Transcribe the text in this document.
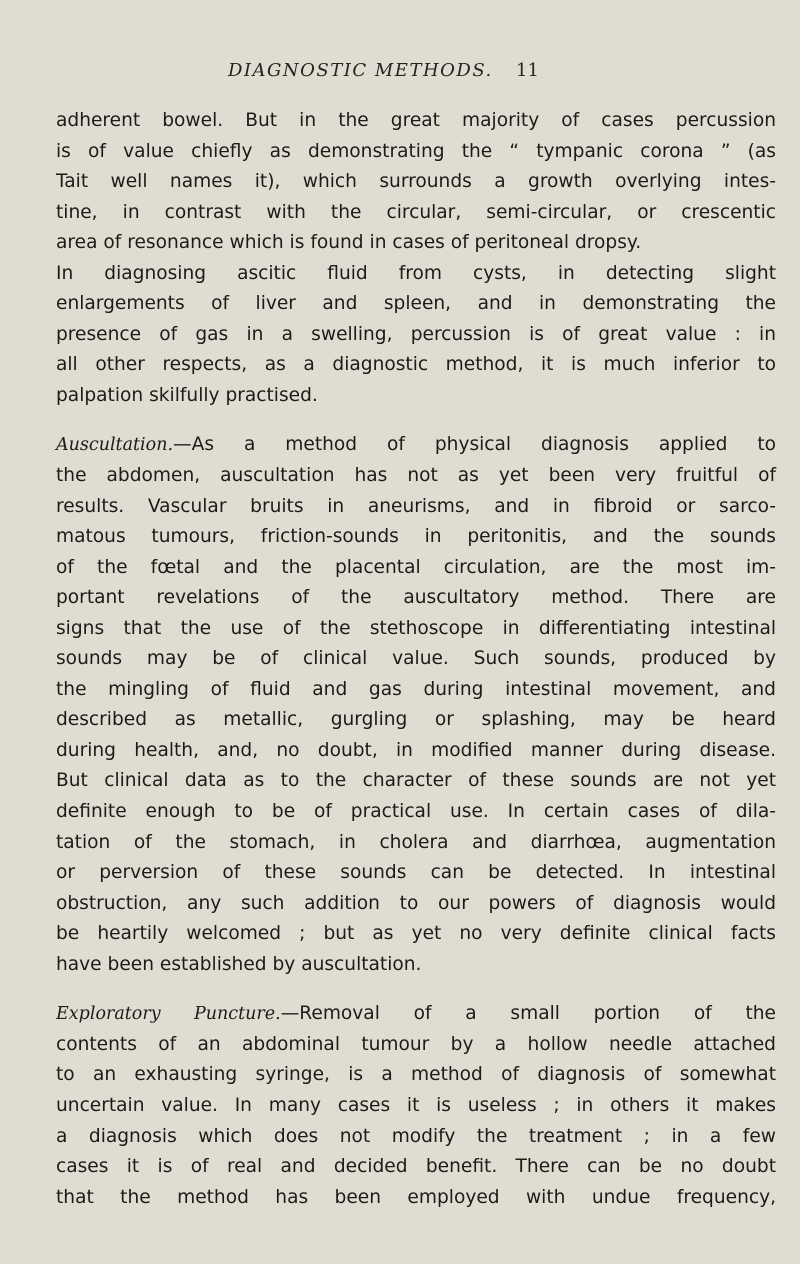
DIAGNOSTIC METHODS. 11
adherent bowel. But in the great majority of cases percussion
is of value chiefly as demonstrating the “ tympanic corona ” (as
Tait well names it), which surrounds a growth overlying intes-
tine, in contrast with the circular, semi-circular, or crescentic
area of resonance which is found in cases of peritoneal dropsy.
In diagnosing ascitic fluid from cysts, in detecting slight
enlargements of liver and spleen, and in demonstrating the
presence of gas in a swelling, percussion is of great value : in
all other respects, as a diagnostic method, it is much inferior to
palpation skilfully practised.
Auscultation.—As a method of physical diagnosis applied to
the abdomen, auscultation has not as yet been very fruitful of
results. Vascular bruits in aneurisms, and in fibroid or sarco-
matous tumours, friction-sounds in peritonitis, and the sounds
of the fœtal and the placental circulation, are the most im-
portant revelations of the auscultatory method. There are
signs that the use of the stethoscope in differentiating intestinal
sounds may be of clinical value. Such sounds, produced by
the mingling of fluid and gas during intestinal movement, and
described as metallic, gurgling or splashing, may be heard
during health, and, no doubt, in modified manner during disease.
But clinical data as to the character of these sounds are not yet
definite enough to be of practical use. In certain cases of dila-
tation of the stomach, in cholera and diarrhœa, augmentation
or perversion of these sounds can be detected. In intestinal
obstruction, any such addition to our powers of diagnosis would
be heartily welcomed ; but as yet no very definite clinical facts
have been established by auscultation.
Exploratory Puncture.—Removal of a small portion of the
contents of an abdominal tumour by a hollow needle attached
to an exhausting syringe, is a method of diagnosis of somewhat
uncertain value. In many cases it is useless ; in others it makes
a diagnosis which does not modify the treatment ; in a few
cases it is of real and decided benefit. There can be no doubt
that the method has been employed with undue frequency,
